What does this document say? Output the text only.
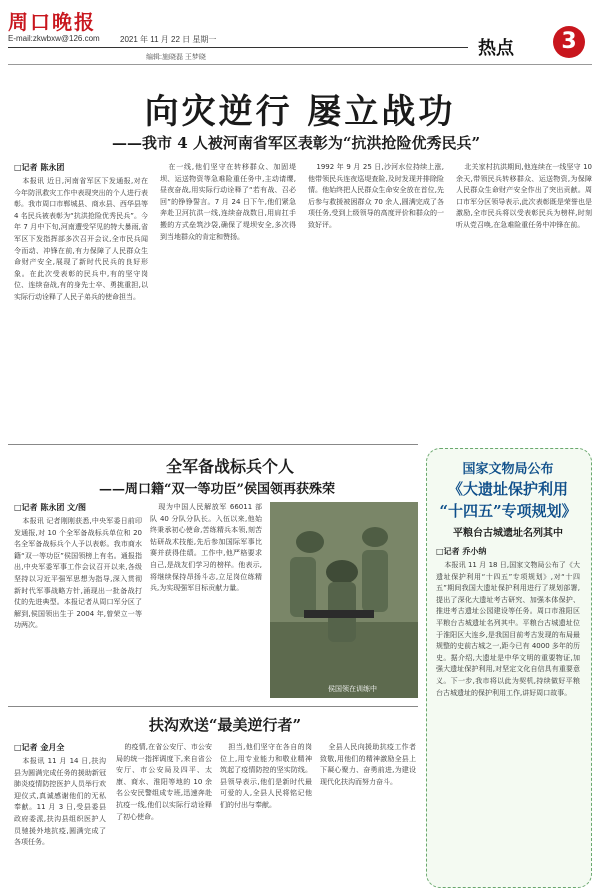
周口晚报
E-mail:zkwbxw@126.com	2021 年 11 月 22 日 星期一
编辑:施晓磊 王梦晓	热点	3
向灾逆行 屡立战功
——我市 4 人被河南省军区表彰为“抗洪抢险优秀民兵”
□记者 陈永团

本报讯 近日,河南省军区下发通报,对在今年防汛救灾工作中表现突出的个人进行表彰。我市周口市郸城县、商水县、西华县等 4 名民兵被表彰为“抗洪抢险优秀民兵”。今年 7 月中下旬,河南遭受罕见的特大暴雨,省军区下发指挥部多次召开会议,全市民兵闻令而动、冲锋在前,有力保障了人民群众生命财产安全,展现了新时代民兵的良好形象。在此次受表彰的民兵中,有的坚守岗位、连续奋战,有的身先士卒、勇挑重担,以实际行动诠释了人民子弟兵的使命担当。

在一线,他们坚守在转移群众、加固堤坝、运送物资等急难险重任务中,主动请缨,昼夜奋战,用实际行动诠释了“若有战、召必回”的铮铮誓言。7 月 24 日下午,他们紧急奔赴卫河抗洪一线,连续奋战数日,用肩扛手搬的方式垒筑沙袋,确保了堤坝安全,多次得到当地群众的肯定和赞扬。

1992 年 9 月 25 日,沙河水位持续上涨,他带领民兵连夜巡堤查险,及时发现并排除险情。他始终把人民群众生命安全放在首位,先后参与救援被困群众 70 余人,圆满完成了各项任务,受到上级领导的高度评价和群众的一致好评。

北关家村抗洪期间,他连续在一线坚守 10 余天,带领民兵转移群众、运送物资,为保障人民群众生命财产安全作出了突出贡献。周口市军分区领导表示,此次表彰既是荣誉也是激励,全市民兵将以受表彰民兵为榜样,时刻听从党召唤,在急难险重任务中冲锋在前。

全军备战标兵个人
——周口籍“双一等功臣”侯国领再获殊荣
□记者 陈永团 文/图

本报讯 记者刚刚获悉,中央军委日前印发通报,对 10 个全军备战标兵单位和 20 名全军备战标兵个人予以表彰。我市商水籍“双一等功臣”侯国领榜上有名。通报指出,中央军委军事工作会议召开以来,各级坚持以习近平强军思想为指导,深入贯彻新时代军事战略方针,涌现出一批备战打仗的先进典型。本报记者从周口军分区了解到,侯国领出生于 2004 年,曾荣立一等功两次。

现为中国人民解放军 66011 部队 40 分队分队长。入伍以来,他始终秉承初心使命,苦练精兵本领,刻苦钻研战术技能,先后参加国际军事比赛并获得佳绩。工作中,他严格要求自己,是战友们学习的榜样。他表示,将继续保持昂扬斗志,立足岗位练精兵,为实现强军目标贡献力量。

侯国领在训练中
国家文物局公布
《大遗址保护利用
“十四五”专项规划》
平粮台古城遗址名列其中
□记者 乔小纳

本报讯 11 月 18 日,国家文物局公布了《大遗址保护利用“十四五”专项规划》,对“十四五”期间我国大遗址保护利用进行了规划部署,提出了深化大遗址考古研究、加强本体保护、推进考古遗址公园建设等任务。周口市淮阳区平粮台古城遗址名列其中。平粮台古城遗址位于淮阳区大连乡,是我国目前考古发现的布局最规整的史前古城之一,距今已有 4000 多年的历史。据介绍,大遗址是中华文明的重要物证,加强大遗址保护利用,对坚定文化自信具有重要意义。下一步,我市将以此为契机,持续做好平粮台古城遗址的保护利用工作,讲好周口故事。

扶沟欢送“最美逆行者”
□记者 金月全

本报讯 11 月 14 日,扶沟县为圆满完成任务的援助新冠肺炎疫情防控医护人员举行欢迎仪式,真诚感谢他们的无私奉献。11 月 3 日,受县委县政府委派,扶沟县组织医护人员驰援外地抗疫,圆满完成了各项任务。

的疫情,在省公安厅、市公安局的统一指挥调度下,来自省公安厅、市公安局及四平、太康、商水、淮阳等地的 10 余名公安民警组成专班,迅速奔赴抗疫一线,他们以实际行动诠释了初心使命。

担当,他们坚守在各自的岗位上,用专业能力和敬业精神筑起了疫情防控的坚实防线。县领导表示,他们是新时代最可爱的人,全县人民将铭记他们的付出与奉献。

全县人民向援助抗疫工作者致敬,用他们的精神激励全县上下凝心聚力、奋勇前进,为建设现代化扶沟而努力奋斗。
